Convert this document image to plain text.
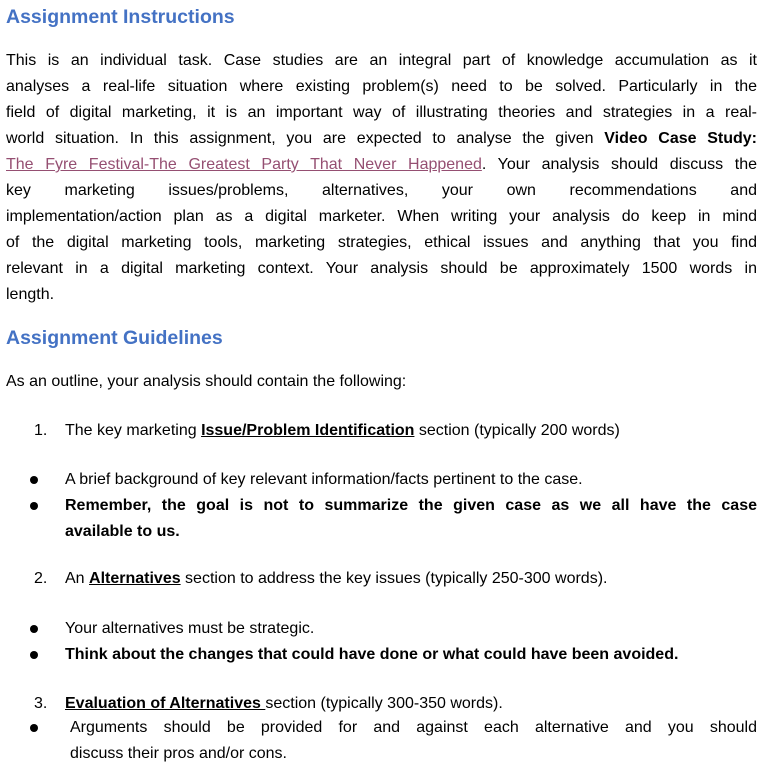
Assignment Instructions
This is an individual task. Case studies are an integral part of knowledge accumulation as it
analyses a real-life situation where existing problem(s) need to be solved. Particularly in the
field of digital marketing, it is an important way of illustrating theories and strategies in a real-
world situation. In this assignment, you are expected to analyse the given Video Case Study:
The Fyre Festival-The Greatest Party That Never Happened. Your analysis should discuss the
key marketing issues/problems, alternatives, your own recommendations and
implementation/action plan as a digital marketer. When writing your analysis do keep in mind
of the digital marketing tools, marketing strategies, ethical issues and anything that you find
relevant in a digital marketing context. Your analysis should be approximately 1500 words in
length.
Assignment Guidelines
As an outline, your analysis should contain the following:
1. The key marketing Issue/Problem Identification section (typically 200 words)
A brief background of key relevant information/facts pertinent to the case.
Remember, the goal is not to summarize the given case as we all have the case
available to us.
2. An Alternatives section to address the key issues (typically 250-300 words).
Your alternatives must be strategic.
Think about the changes that could have done or what could have been avoided.
3. Evaluation of Alternatives section (typically 300-350 words).
Arguments should be provided for and against each alternative and you should
discuss their pros and/or cons.
